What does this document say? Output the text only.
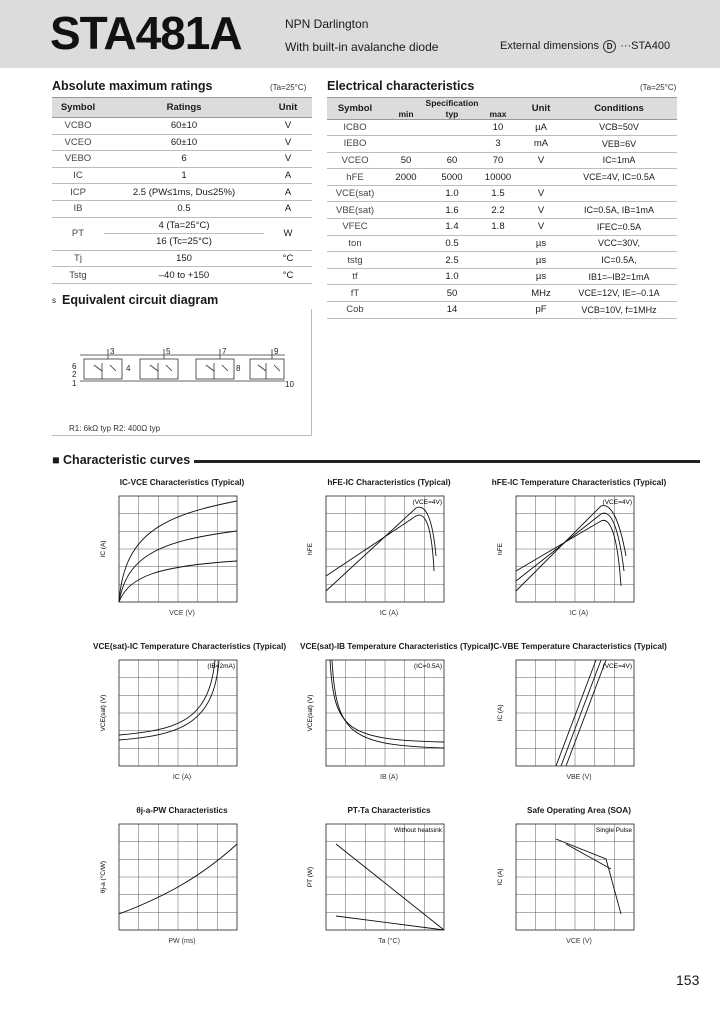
STA481A	NPN Darlington
With built-in avalanche diode	External dimensions D ···STA400
Absolute maximum ratings	(Ta=25°C)
Symbol	Ratings	Unit
VCBO	60±10	V
VCEO	60±10	V
VEBO	6	V
IC	1	A
ICP	2.5 (PW≤1ms, Du≤25%)	A
IB	0.5	A
PT	4 (Ta=25°C)	W
	16 (Tc=25°C)	
Tj	150	°C
Tstg	–40 to +150	°C
Electrical characteristics	(Ta=25°C)
Symbol	Specification			Unit	Conditions
	min	typ	max		
ICBO			10	µA	VCB=50V
IEBO			3	mA	VEB=6V
VCEO	50	60	70	V	IC=1mA
hFE	2000	5000	10000		VCE=4V, IC=0.5A
VCE(sat)		1.0	1.5	V	
VBE(sat)		1.6	2.2	V	IC=0.5A, IB=1mA
VFEC		1.4	1.8	V	IFEC=0.5A
ton		0.5		µs	VCC=30V,
tstg		2.5		µs	IC=0.5A,
tf		1.0		µs	IB1=–IB2=1mA
fT		50		MHz	VCE=12V, IE=–0.1A
Cob		14		pF	VCB=10V, f=1MHz
s Equivalent circuit diagram
3	5	7	9
6
2
1
4	8
10
R1: 6kΩ typ R2: 400Ω typ
■ Characteristic curves
IC-VCE Characteristics (Typical)
IC (A)
VCE (V)
hFE-IC Characteristics (Typical)
(VCE=4V)
hFE
IC (A)
hFE-IC Temperature Characteristics (Typical)
(VCE=4V)
hFE
IC (A)
VCE(sat)-IC Temperature Characteristics (Typical)
(IB=2mA)
VCE(sat) (V)
IC (A)
VCE(sat)-IB Temperature Characteristics (Typical)
(IC=0.5A)
VCE(sat) (V)
IB (A)
IC-VBE Temperature Characteristics (Typical)
(VCE=4V)
IC (A)
VBE (V)
θj-a-PW Characteristics
θj-a (°C/W)
PW (ms)
PT-Ta Characteristics
Without heatsink
PT (W)
Ta (°C)
Safe Operating Area (SOA)
Single Pulse
IC (A)
VCE (V)
153
